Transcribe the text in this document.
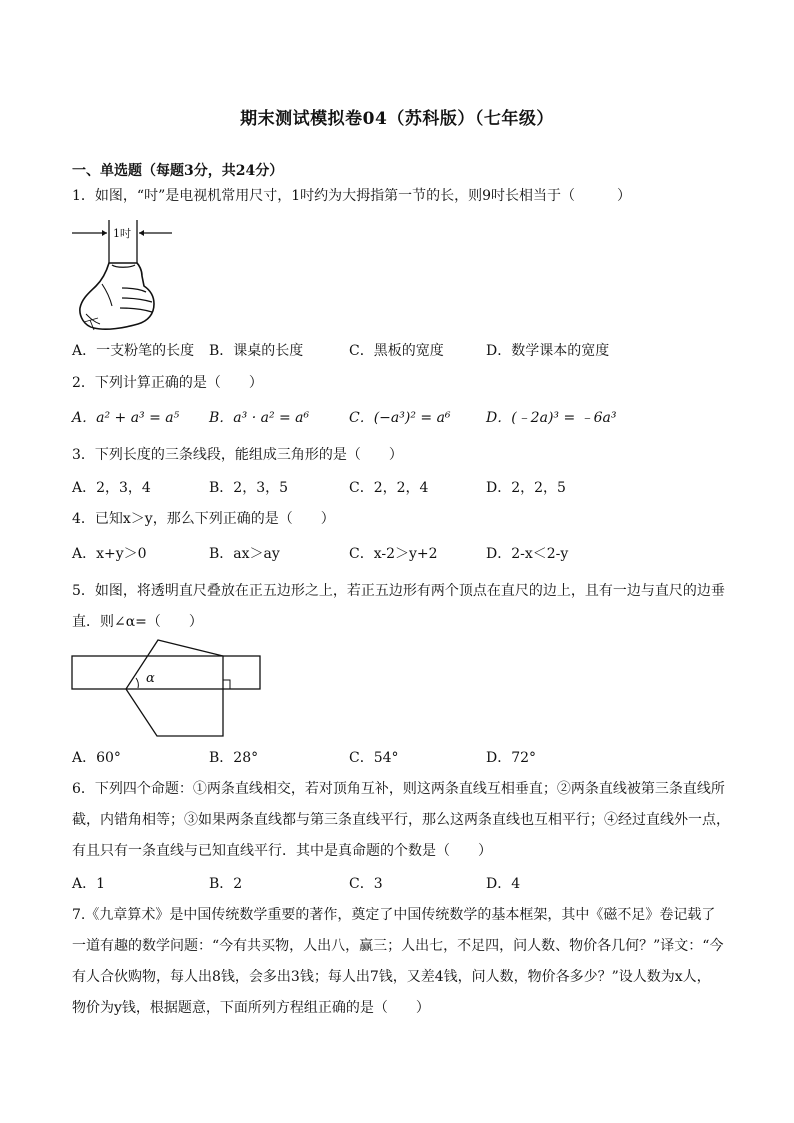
期末测试模拟卷04（苏科版）（七年级）
一、单选题（每题3分，共24分）
1．如图，“吋”是电视机常用尺寸，1吋约为大拇指第一节的长，则9吋长相当于（　　　）
1吋
A．一支粉笔的长度 B．课桌的长度	C．黑板的宽度	D．数学课本的宽度
2．下列计算正确的是（　　）
A．a² + a³ = a⁵ B．a³ · a² = a⁶	C．(−a³)² = a⁶	D．(﹣2a)³ = ﹣6a³
3．下列长度的三条线段，能组成三角形的是（　　）
A．2，3，4	B．2，3，5	C．2，2，4	D．2，2，5
4．已知x＞y，那么下列正确的是（　　）
A．x+y＞0	B．ax＞ay	C．x-2＞y+2	D．2-x＜2-y
5．如图，将透明直尺叠放在正五边形之上，若正五边形有两个顶点在直尺的边上，且有一边与直尺的边垂
直．则∠α=（　　）
α
A．60°	B．28°	C．54°	D．72°
6．下列四个命题：①两条直线相交，若对顶角互补，则这两条直线互相垂直；②两条直线被第三条直线所
截，内错角相等；③如果两条直线都与第三条直线平行，那么这两条直线也互相平行；④经过直线外一点，
有且只有一条直线与已知直线平行．其中是真命题的个数是（　　）
A．1	B．2	C．3	D．4
7.《九章算术》是中国传统数学重要的著作，奠定了中国传统数学的基本框架，其中《磁不足》卷记载了
一道有趣的数学问题：“今有共买物，人出八，赢三；人出七，不足四，问人数、物价各几何？”译文：“今
有人合伙购物，每人出8钱，会多出3钱；每人出7钱，又差4钱，问人数，物价各多少？”设人数为x人，
物价为y钱，根据题意，下面所列方程组正确的是（　　）
